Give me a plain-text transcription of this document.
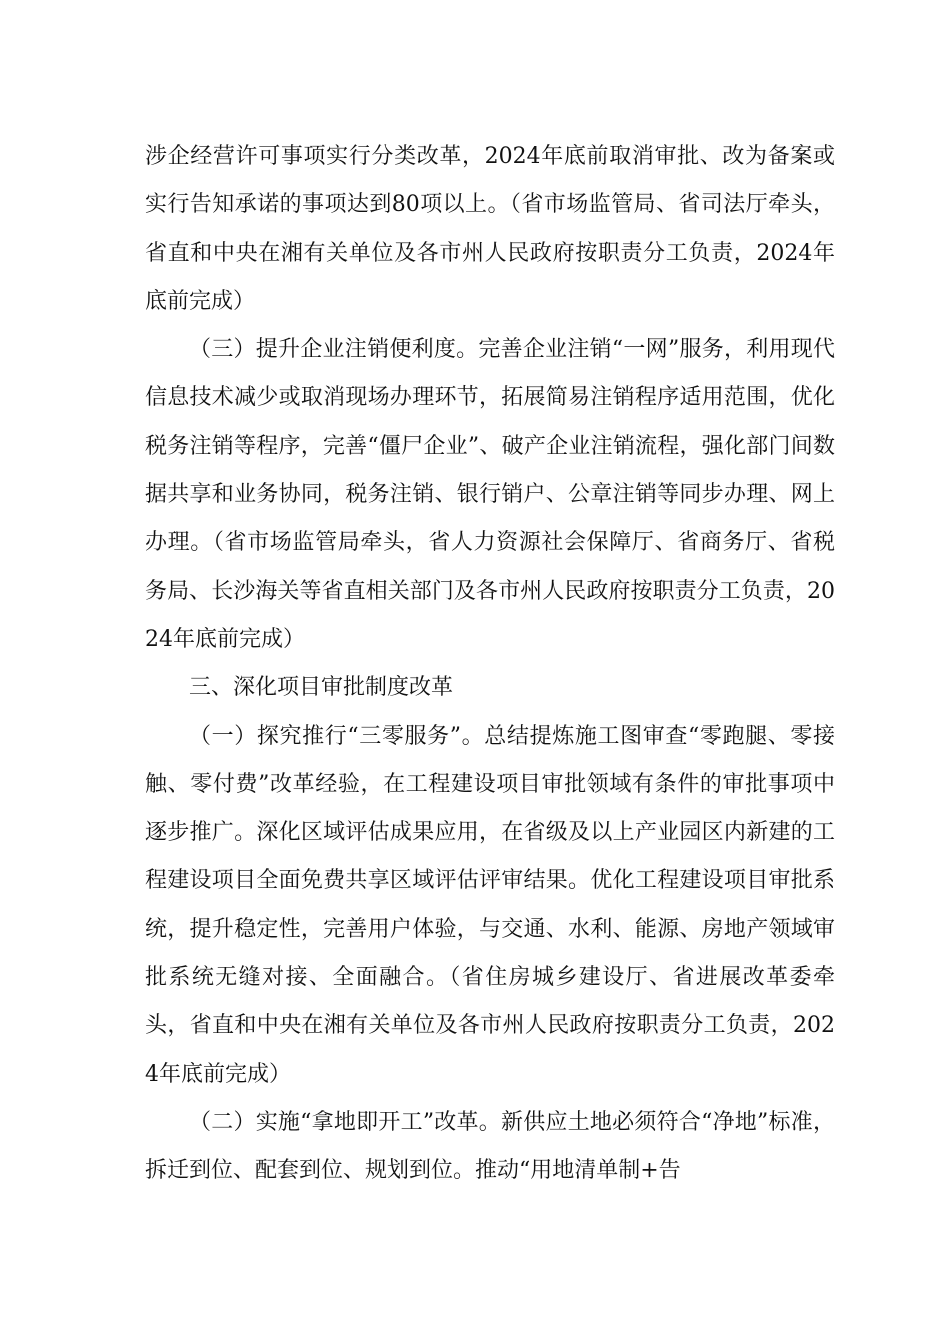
涉企经营许可事项实行分类改革，2024年底前取消审批、改为备案或实行告知承诺的事项达到80项以上。（省市场监管局、省司法厅牵头，省直和中央在湘有关单位及各市州人民政府按职责分工负责，2024年底前完成）

（三）提升企业注销便利度。完善企业注销“一网”服务，利用现代信息技术减少或取消现场办理环节，拓展简易注销程序适用范围，优化税务注销等程序，完善“僵尸企业”、破产企业注销流程，强化部门间数据共享和业务协同，税务注销、银行销户、公章注销等同步办理、网上办理。（省市场监管局牵头，省人力资源社会保障厅、省商务厅、省税务局、长沙海关等省直相关部门及各市州人民政府按职责分工负责，2024年底前完成）

三、深化项目审批制度改革

（一）探究推行“三零服务”。总结提炼施工图审查“零跑腿、零接触、零付费”改革经验，在工程建设项目审批领域有条件的审批事项中逐步推广。深化区域评估成果应用，在省级及以上产业园区内新建的工程建设项目全面免费共享区域评估评审结果。优化工程建设项目审批系统，提升稳定性，完善用户体验，与交通、水利、能源、房地产领域审批系统无缝对接、全面融合。（省住房城乡建设厅、省进展改革委牵头，省直和中央在湘有关单位及各市州人民政府按职责分工负责，2024年底前完成）

（二）实施“拿地即开工”改革。新供应土地必须符合“净地”标准，拆迁到位、配套到位、规划到位。推动“用地清单制+告
